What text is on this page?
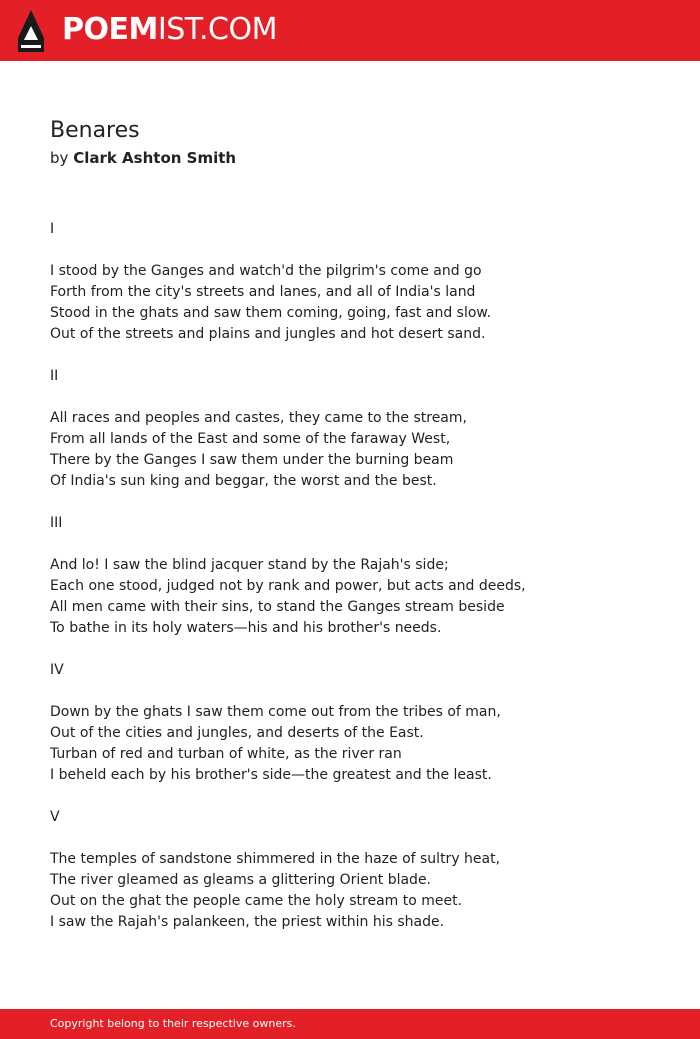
POEMIST.COM
Benares

by Clark Ashton Smith

I
I stood by the Ganges and watch'd the pilgrim's come and go
Forth from the city's streets and lanes, and all of India's land
Stood in the ghats and saw them coming, going, fast and slow.
Out of the streets and plains and jungles and hot desert sand.
II
All races and peoples and castes, they came to the stream,
From all lands of the East and some of the faraway West,
There by the Ganges I saw them under the burning beam
Of India's sun king and beggar, the worst and the best.
III
And lo! I saw the blind jacquer stand by the Rajah's side;
Each one stood, judged not by rank and power, but acts and deeds,
All men came with their sins, to stand the Ganges stream beside
To bathe in its holy waters—his and his brother's needs.
IV
Down by the ghats I saw them come out from the tribes of man,
Out of the cities and jungles, and deserts of the East.
Turban of red and turban of white, as the river ran
I beheld each by his brother's side—the greatest and the least.
V
The temples of sandstone shimmered in the haze of sultry heat,
The river gleamed as gleams a glittering Orient blade.
Out on the ghat the people came the holy stream to meet.
I saw the Rajah's palankeen, the priest within his shade.
Copyright belong to their respective owners.
